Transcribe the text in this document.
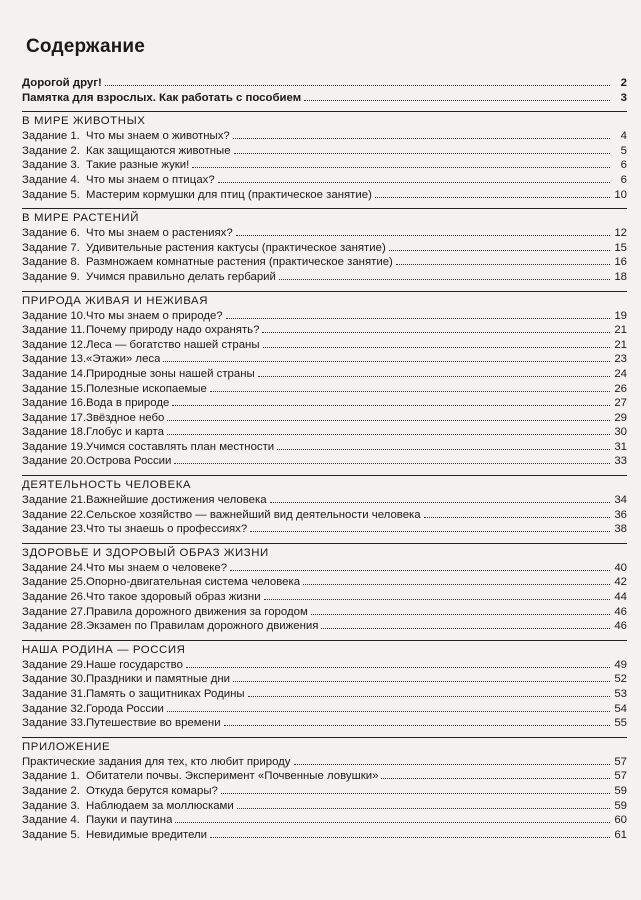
Содержание
Дорогой друг!	2
Памятка для взрослых. Как работать с пособием	3
В МИРЕ ЖИВОТНЫХ
Задание 1. Что мы знаем о животных?	4
Задание 2. Как защищаются животные	5
Задание 3. Такие разные жуки!	6
Задание 4. Что мы знаем о птицах?	6
Задание 5. Мастерим кормушки для птиц (практическое занятие)	10
В МИРЕ РАСТЕНИЙ
Задание 6. Что мы знаем о растениях?	12
Задание 7. Удивительные растения кактусы (практическое занятие)	15
Задание 8. Размножаем комнатные растения (практическое занятие)	16
Задание 9. Учимся правильно делать гербарий	18
ПРИРОДА ЖИВАЯ И НЕЖИВАЯ
Задание 10.Что мы знаем о природе?	19
Задание 11.Почему природу надо охранять?	21
Задание 12.Леса — богатство нашей страны	21
Задание 13.«Этажи» леса	23
Задание 14.Природные зоны нашей страны	24
Задание 15.Полезные ископаемые	26
Задание 16.Вода в природе	27
Задание 17.Звёздное небо	29
Задание 18.Глобус и карта	30
Задание 19.Учимся составлять план местности	31
Задание 20.Острова России	33
ДЕЯТЕЛЬНОСТЬ ЧЕЛОВЕКА
Задание 21.Важнейшие достижения человека	34
Задание 22.Сельское хозяйство — важнейший вид деятельности человека	36
Задание 23.Что ты знаешь о профессиях?	38
ЗДОРОВЬЕ И ЗДОРОВЫЙ ОБРАЗ ЖИЗНИ
Задание 24.Что мы знаем о человеке?	40
Задание 25.Опорно-двигательная система человека	42
Задание 26.Что такое здоровый образ жизни	44
Задание 27.Правила дорожного движения за городом	46
Задание 28.Экзамен по Правилам дорожного движения	46
НАША РОДИНА — РОССИЯ
Задание 29.Наше государство	49
Задание 30.Праздники и памятные дни	52
Задание 31.Память о защитниках Родины	53
Задание 32.Города России	54
Задание 33.Путешествие во времени	55
ПРИЛОЖЕНИЕ
Практические задания для тех, кто любит природу	57
Задание 1. Обитатели почвы. Эксперимент «Почвенные ловушки»	57
Задание 2. Откуда берутся комары?	59
Задание 3. Наблюдаем за моллюсками	59
Задание 4. Пауки и паутина	60
Задание 5. Невидимые вредители	61
